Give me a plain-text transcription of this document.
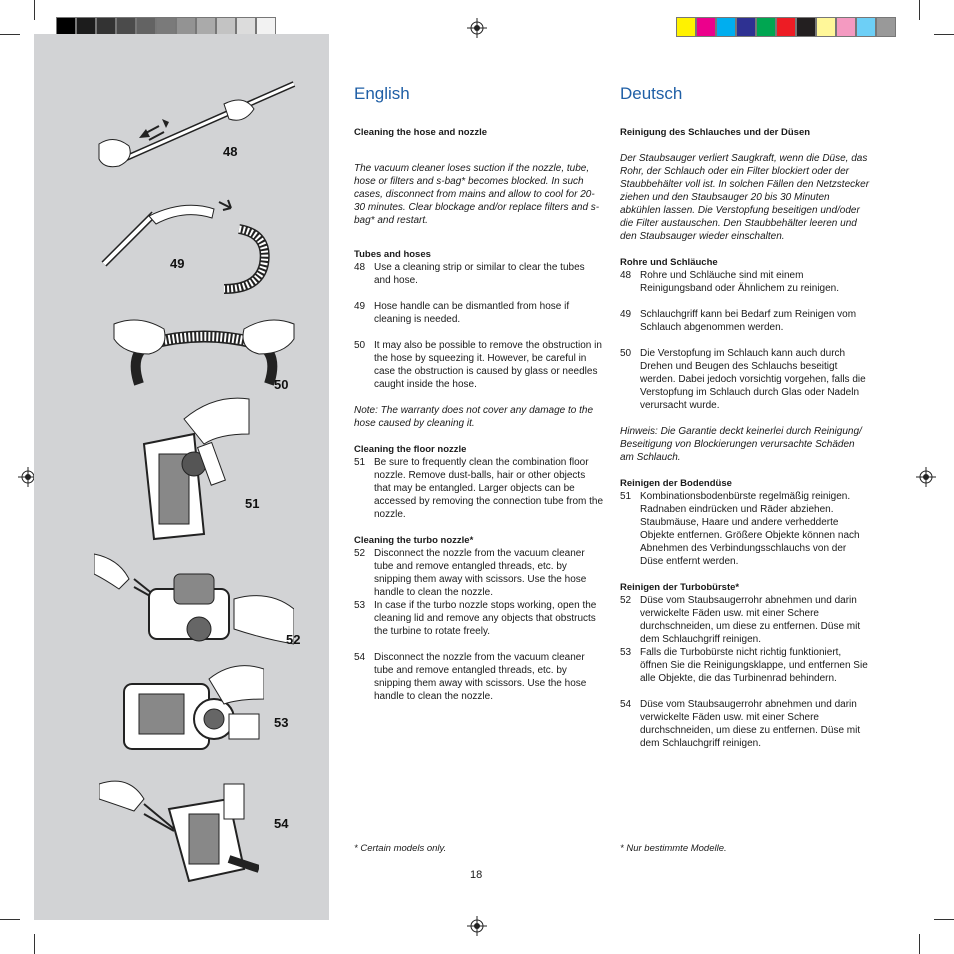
48
49
50
51
52
53
54
English

Cleaning the hose and nozzle

The vacuum cleaner loses suction if the nozzle, tube, hose or filters and s-bag* becomes blocked. In such cases, disconnect from mains and allow to cool for 20-30 minutes. Clear blockage and/or replace filters and s-bag* and restart.

Tubes and hoses

48 Use a cleaning strip or similar to clear the tubes and hose.

49 Hose handle can be dismantled from hose if cleaning is needed.

50 It may also be possible to remove the obstruction in the hose by squeezing it. However, be careful in case the obstruction is caused by glass or needles caught inside the hose.

Note: The warranty does not cover any damage to the hose caused by cleaning it.

Cleaning the floor nozzle

51 Be sure to frequently clean the combination floor nozzle. Remove dust-balls, hair or other objects that may be entangled. Larger objects can be accessed by removing the connection tube from the nozzle.

Cleaning the turbo nozzle*

52 Disconnect the nozzle from the vacuum cleaner tube and remove entangled threads, etc. by snipping them away with scissors. Use the hose handle to clean the nozzle.
53 In case if the turbo nozzle stops working, open the cleaning lid and remove any objects that obstructs the turbine to rotate freely.

54 Disconnect the nozzle from the vacuum cleaner tube and remove entangled threads, etc. by snipping them away with scissors. Use the hose handle to clean the nozzle.
* Certain models only.
Deutsch

Reinigung des Schlauches und der Düsen

Der Staubsauger verliert Saugkraft, wenn die Düse, das Rohr, der Schlauch oder ein Filter blockiert oder der Staubbehälter voll ist. In solchen Fällen den Netzstecker ziehen und den Staubsauger 20 bis 30 Minuten abkühlen lassen. Die Verstopfung beseitigen und/oder die Filter austauschen. Den Staubbehälter leeren und den Staubsauger wieder einschalten.

Rohre und Schläuche

48 Rohre und Schläuche sind mit einem Reinigungsband oder Ähnlichem zu reinigen.

49 Schlauchgriff kann bei Bedarf zum Reinigen vom Schlauch abgenommen werden.

50 Die Verstopfung im Schlauch kann auch durch Drehen und Beugen des Schlauchs beseitigt werden. Dabei jedoch vorsichtig vorgehen, falls die Verstopfung im Schlauch durch Glas oder Nadeln verursacht wurde.

Hinweis: Die Garantie deckt keinerlei durch Reinigung/ Beseitigung von Blockierungen verursachte Schäden am Schlauch.

Reinigen der Bodendüse

51 Kombinationsbodenbürste regelmäßig reinigen. Radnaben eindrücken und Räder abziehen. Staubmäuse, Haare und andere verhedderte Objekte entfernen. Größere Objekte können nach Abnehmen des Verbindungsschlauchs von der Düse entfernt werden.

Reinigen der Turbobürste*

52 Düse vom Staubsaugerrohr abnehmen und darin verwickelte Fäden usw. mit einer Schere durchschneiden, um diese zu entfernen. Düse mit dem Schlauchgriff reinigen.
53 Falls die Turbobürste nicht richtig funktioniert, öffnen Sie die Reinigungsklappe, und entfernen Sie alle Objekte, die das Turbinenrad behindern.

54 Düse vom Staubsaugerrohr abnehmen und darin verwickelte Fäden usw. mit einer Schere durchschneiden, um diese zu entfernen. Düse mit dem Schlauchgriff reinigen.
* Nur bestimmte Modelle.
18
